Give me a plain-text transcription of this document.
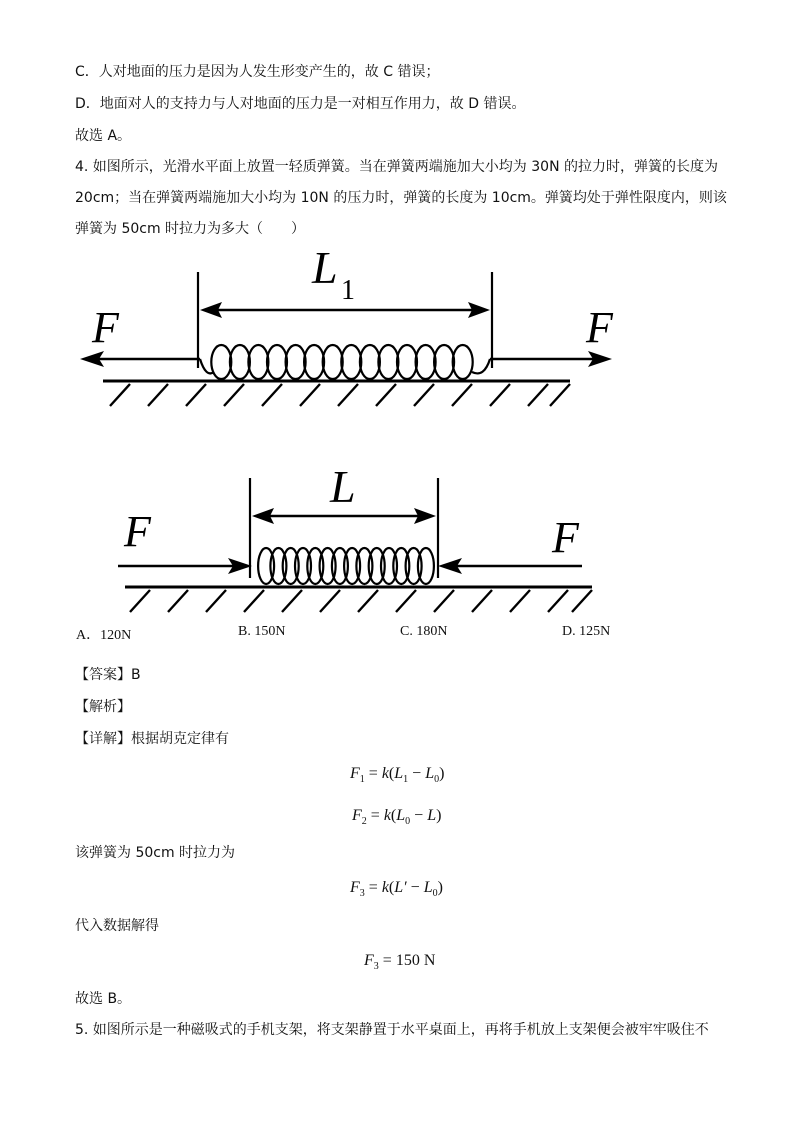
C．人对地面的压力是因为人发生形变产生的，故 C 错误；
D．地面对人的支持力与人对地面的压力是一对相互作用力，故 D 错误。
故选 A。
4. 如图所示，光滑水平面上放置一轻质弹簧。当在弹簧两端施加大小均为 30N 的拉力时，弹簧的长度为
20cm；当在弹簧两端施加大小均为 10N 的压力时，弹簧的长度为 10cm。弹簧均处于弹性限度内，则该
弹簧为 50cm 时拉力为多大（　　）
F	F
L 1
F	F
L
A．120N	B. 150N	C. 180N	D. 125N
【答案】B
【解析】
【详解】根据胡克定律有
$F_1 = k(L_1 - L_0)$
$F_2 = k(L_0 - L)$
该弹簧为 50cm 时拉力为
$F_3 = k(L' - L_0)$
代入数据解得
$F_3 = 150$ N
故选 B。
5. 如图所示是一种磁吸式的手机支架，将支架静置于水平桌面上，再将手机放上支架便会被牢牢吸住不
